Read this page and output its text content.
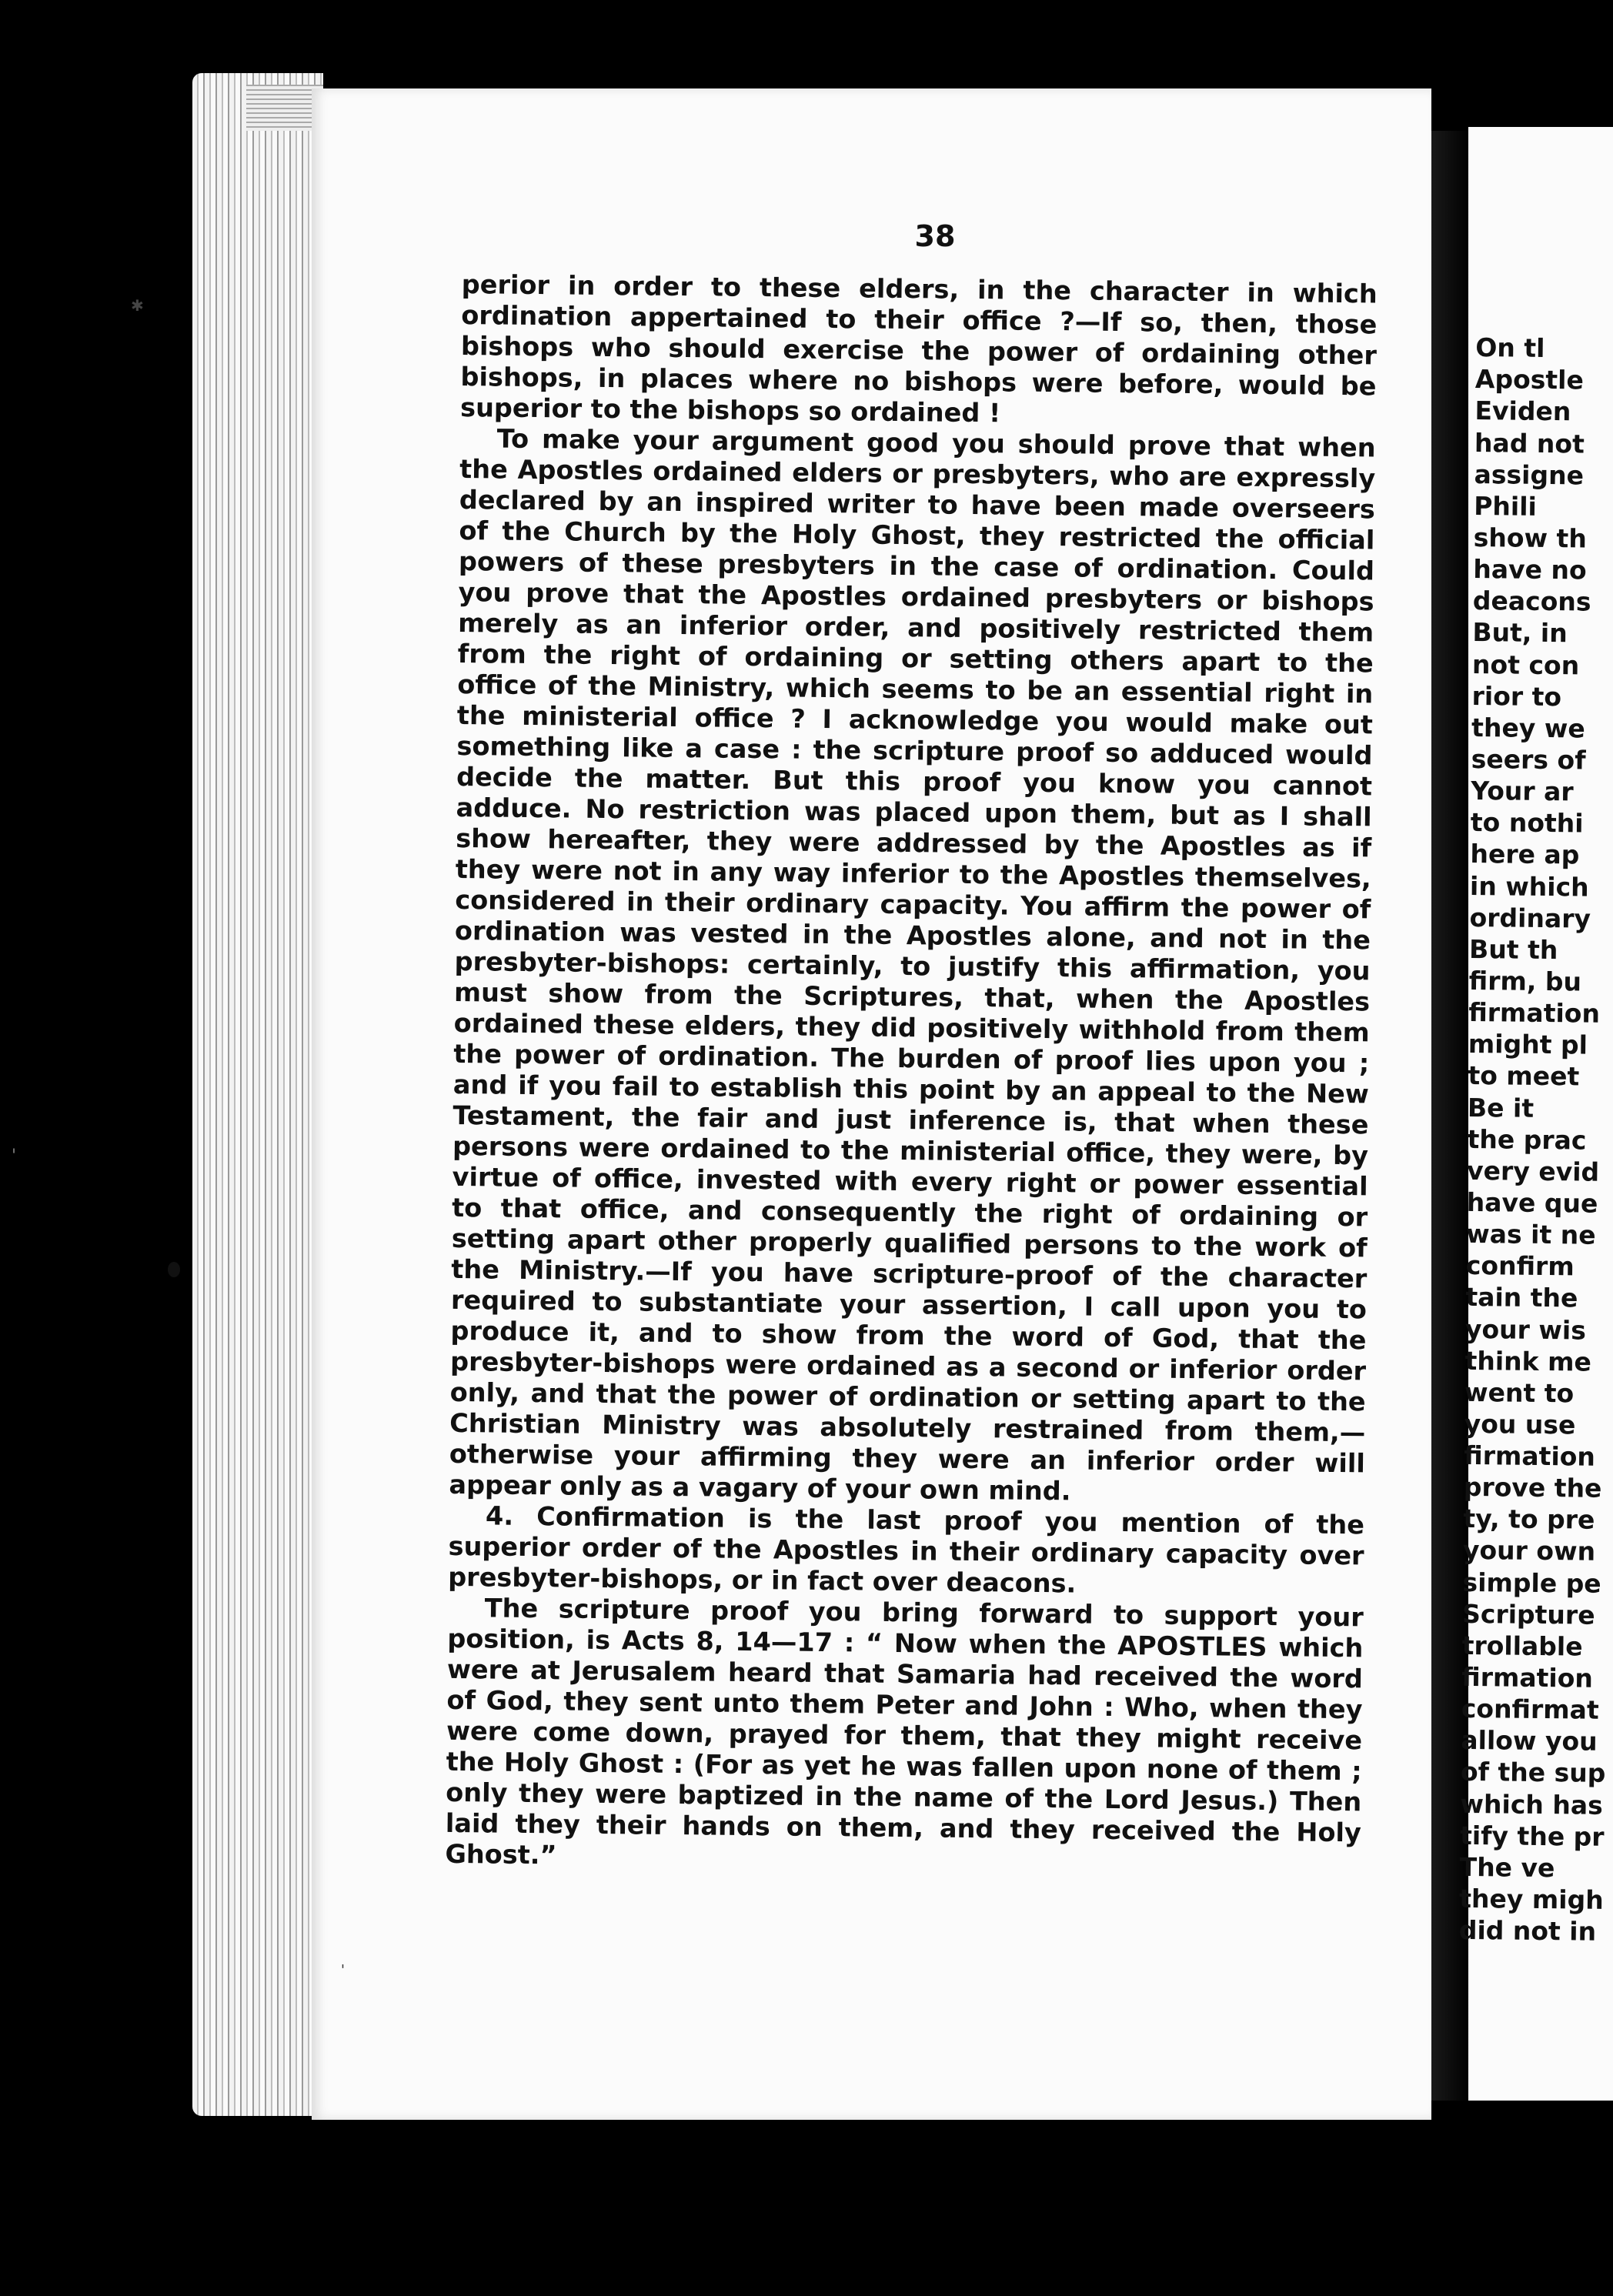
38

perior in order to these elders, in the character in which ordination appertained to their office ?—If so, then, those bishops who should exercise the power of ordaining other bishops, in places where no bishops were before, would be superior to the bishops so ordained !

To make your argument good you should prove that when the Apostles ordained elders or presbyters, who are expressly declared by an inspired writer to have been made overseers of the Church by the Holy Ghost, they restricted the official powers of these presbyters in the case of ordination. Could you prove that the Apostles ordained presbyters or bishops merely as an inferior order, and positively restricted them from the right of ordaining or setting others apart to the office of the Ministry, which seems to be an essential right in the ministerial office ? I acknowledge you would make out something like a case : the scripture proof so adduced would decide the matter. But this proof you know you cannot adduce. No restriction was placed upon them, but as I shall show hereafter, they were addressed by the Apostles as if they were not in any way inferior to the Apostles themselves, considered in their ordinary capacity. You affirm the power of ordination was vested in the Apostles alone, and not in the presbyter-bishops: certainly, to justify this affirmation, you must show from the Scriptures, that, when the Apostles ordained these elders, they did positively withhold from them the power of ordination. The burden of proof lies upon you ; and if you fail to establish this point by an appeal to the New Testament, the fair and just inference is, that when these persons were ordained to the ministerial office, they were, by virtue of office, invested with every right or power essential to that office, and consequently the right of ordaining or setting apart other properly qualified persons to the work of the Ministry.—If you have scripture-proof of the character required to substantiate your assertion, I call upon you to produce it, and to show from the word of God, that the presbyter-bishops were ordained as a second or inferior order only, and that the power of ordination or setting apart to the Christian Ministry was absolutely restrained from them,—otherwise your affirming they were an inferior order will appear only as a vagary of your own mind.

4. Confirmation is the last proof you mention of the superior order of the Apostles in their ordinary capacity over presbyter-bishops, or in fact over deacons.

The scripture proof you bring forward to support your position, is Acts 8, 14—17 : “ Now when the APOSTLES which were at Jerusalem heard that Samaria had received the word of God, they sent unto them Peter and John : Who, when they were come down, prayed for them, that they might receive the Holy Ghost : (For as yet he was fallen upon none of them ; only they were baptized in the name of the Lord Jesus.) Then laid they their hands on them, and they received the Holy Ghost.”

On tl
Apostle
Eviden
had not
assigne
Phili
show th
have no
deacons
But, in
not con
rior to
they we
seers of
Your ar
to nothi
here ap
in which
ordinary
But th
firm, bu
firmation
might pl
to meet
Be it
the prac
very evid
have que
was it ne
confirm
tain the
your wis
think me
went to
you use
firmation
prove the
ty, to pre
your own
simple pe
Scripture
trollable
firmation
confirmat
allow you
of the sup
which has
tify the pr
The ve
they migh
did not in
✱
'
'
